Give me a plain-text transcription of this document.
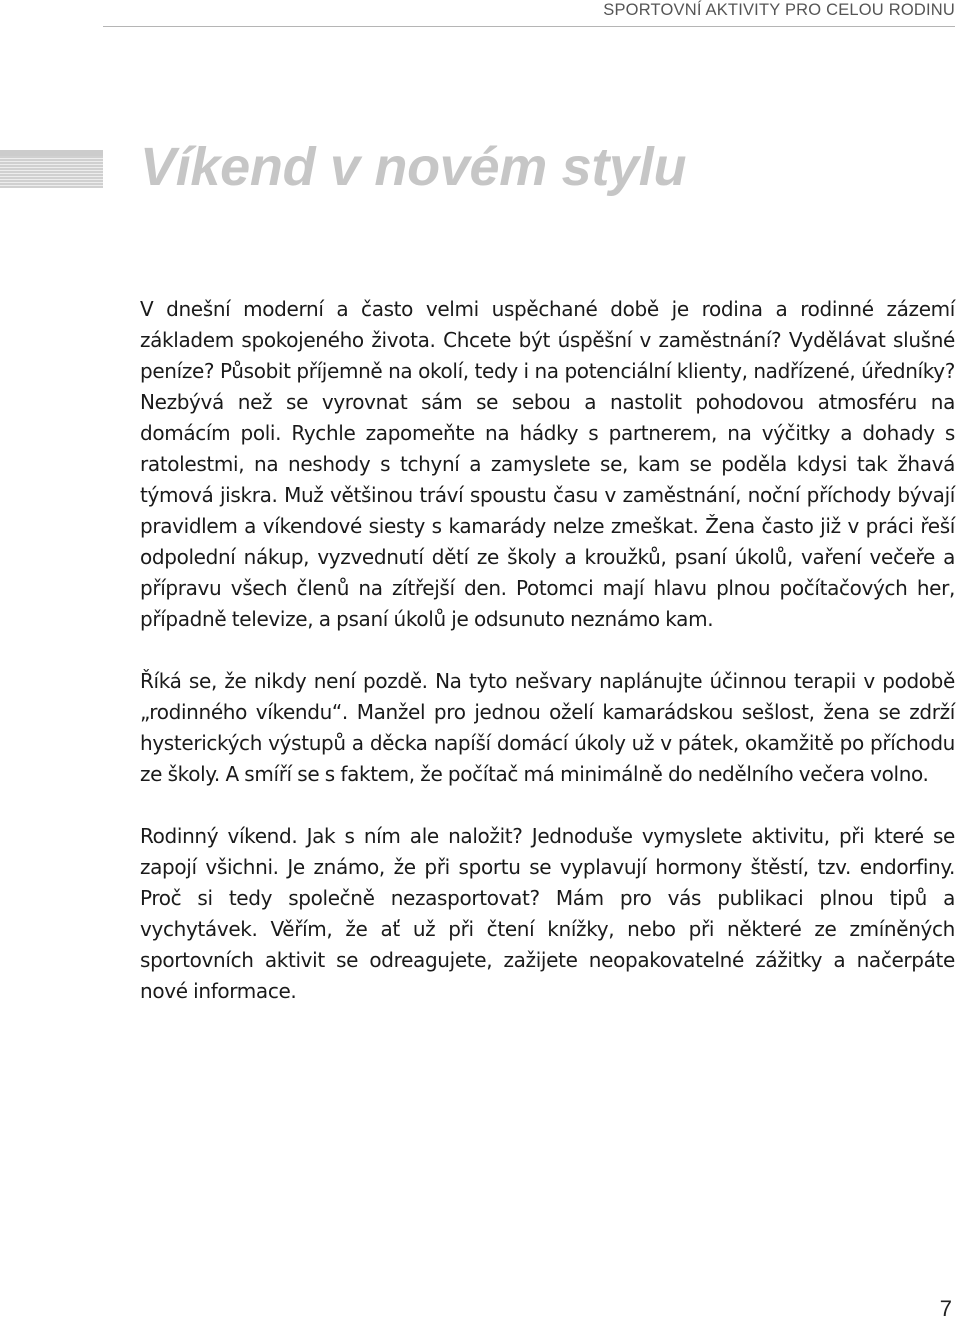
SPORTOVNÍ AKTIVITY PRO CELOU RODINU
Víkend v novém stylu

V dnešní moderní a často velmi uspěchané době je rodina a rodinné zázemí základem spokojeného života. Chcete být úspěšní v zaměstnání? Vydělávat slušné peníze? Působit příjemně na okolí, tedy i na potenciální klienty, nadřízené, úředníky? Nezbývá než se vyrovnat sám se sebou a nastolit pohodovou atmosféru na domácím poli. Rychle zapomeňte na hádky s partnerem, na výčitky a dohady s ratolestmi, na neshody s tchyní a zamyslete se, kam se poděla kdysi tak žhavá týmová jiskra. Muž většinou tráví spoustu času v zaměstnání, noční příchody bývají pravidlem a víkendové siesty s kamarády nelze zmeškat. Žena často již v práci řeší odpolední nákup, vyzvednutí dětí ze školy a kroužků, psaní úkolů, vaření večeře a přípravu všech členů na zítřejší den. Potomci mají hlavu plnou počítačových her, případně televize, a psaní úkolů je odsunuto neznámo kam.

Říká se, že nikdy není pozdě. Na tyto nešvary naplánujte účinnou terapii v podobě „rodinného víkendu“. Manžel pro jednou oželí kamarádskou sešlost, žena se zdrží hysterických výstupů a děcka napíší domácí úkoly už v pátek, okamžitě po příchodu ze školy. A smíří se s faktem, že počítač má minimálně do nedělního večera volno.

Rodinný víkend. Jak s ním ale naložit? Jednoduše vymyslete aktivitu, při které se zapojí všichni. Je známo, že při sportu se vyplavují hormony štěstí, tzv. endorfiny. Proč si tedy společně nezasportovat? Mám pro vás publikaci plnou tipů a vychytávek. Věřím, že ať už při čtení knížky, nebo při některé ze zmíněných sportovních aktivit se odreagujete, zažijete neopakovatelné zážitky a načerpáte nové informace.

7
